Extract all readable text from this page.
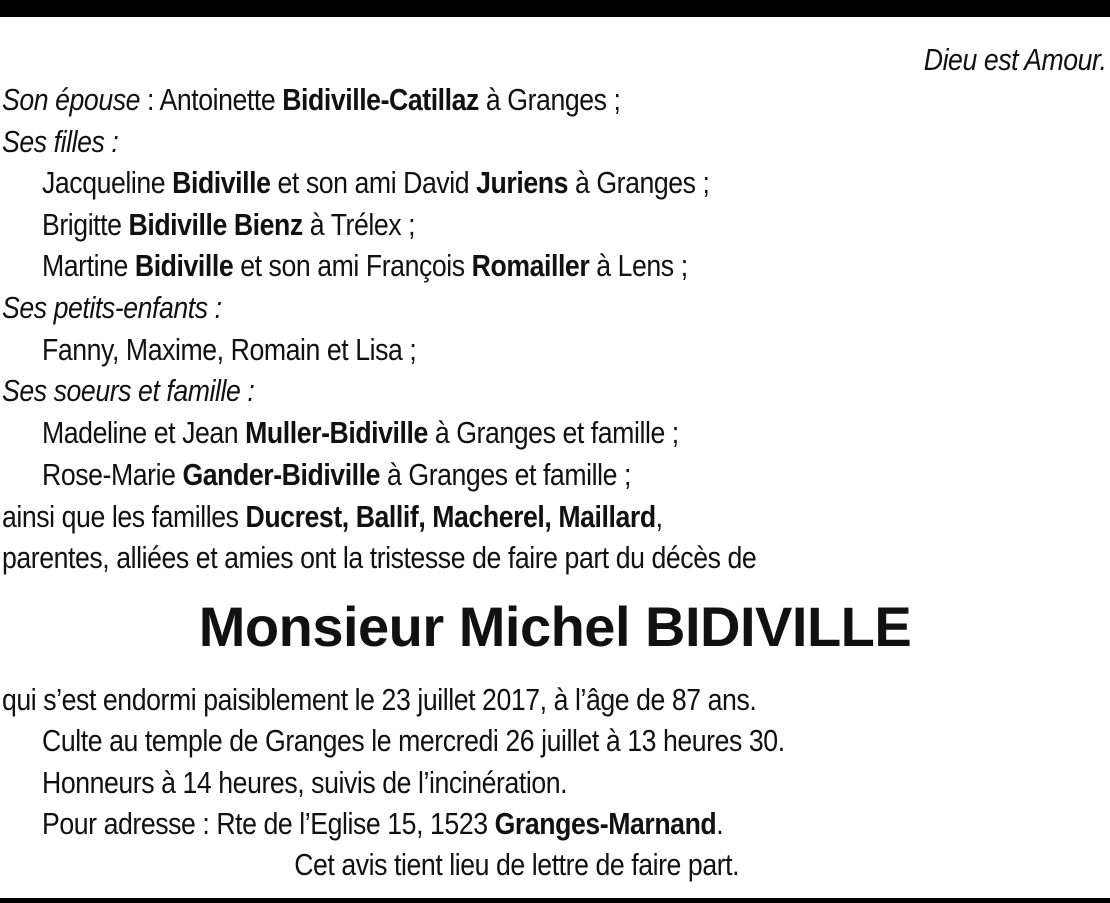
Dieu est Amour.
Son épouse : Antoinette Bidiville-Catillaz à Granges ;
Ses filles :
Jacqueline Bidiville et son ami David Juriens à Granges ;
Brigitte Bidiville Bienz à Trélex ;
Martine Bidiville et son ami François Romailler à Lens ;
Ses petits-enfants :
Fanny, Maxime, Romain et Lisa ;
Ses soeurs et famille :
Madeline et Jean Muller-Bidiville à Granges et famille ;
Rose-Marie Gander-Bidiville à Granges et famille ;
ainsi que les familles Ducrest, Ballif, Macherel, Maillard,
parentes, alliées et amies ont la tristesse de faire part du décès de
Monsieur Michel BIDIVILLE
qui s’est endormi paisiblement le 23 juillet 2017, à l’âge de 87 ans.
Culte au temple de Granges le mercredi 26 juillet à 13 heures 30.
Honneurs à 14 heures, suivis de l’incinération.
Pour adresse : Rte de l’Eglise 15, 1523 Granges-Marnand.
Cet avis tient lieu de lettre de faire part.
